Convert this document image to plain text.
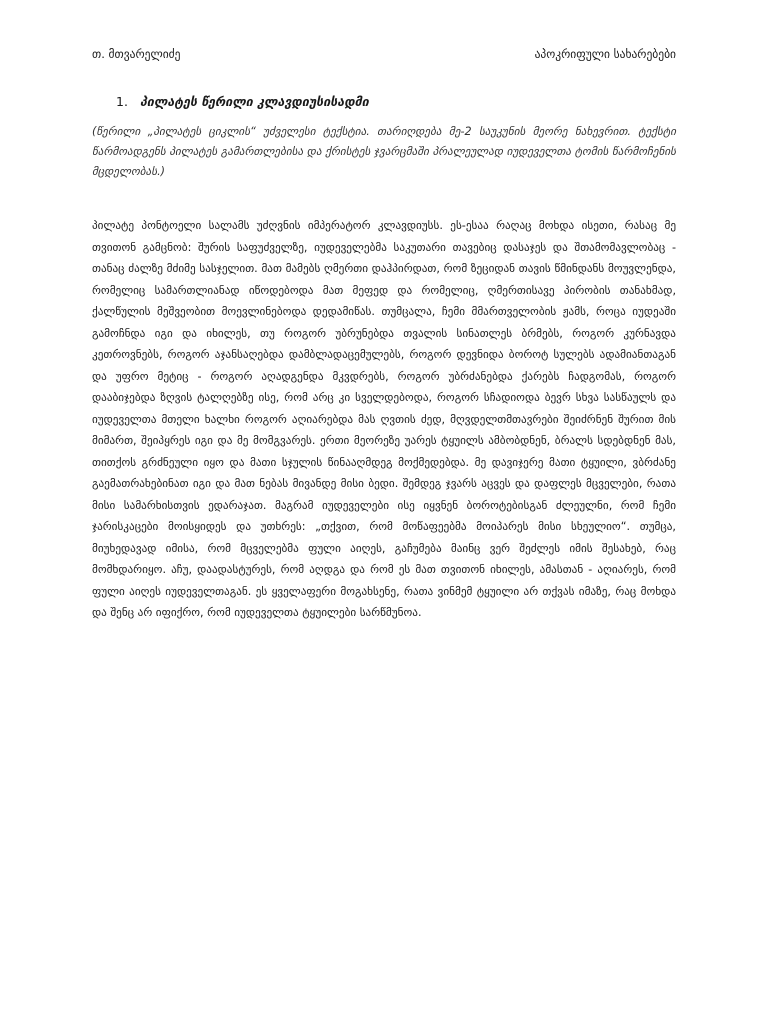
თ. მთვარელიძე	აპოკრიფული სახარებები
1. პილატეს წერილი კლავდიუსისადმი
(წერილი „პილატეს ციკლის“ უძველესი ტექსტია. თარიღდება მე-2 საუკუნის მეორე ნახევრით. ტექსტი წარმოადგენს პილატეს გამართლებისა და ქრისტეს ჯვარცმაში პრალეულად იუდეველთა ტომის წარმოჩენის მცდელობას.)
პილატე პონტოელი სალამს უძღვნის იმპერატორ კლავდიუსს. ეს-ესაა რაღაც მოხდა ისეთი, რასაც მე თვითონ გამცნობ: შურის საფუძველზე, იუდეველებმა საკუთარი თავებიც დასაჯეს და შთამომავლობაც - თანაც ძალზე მძიმე სასჯელით. მათ მამებს ღმერთი დაჰპირდათ, რომ ზეციდან თავის წმინდანს მოუვლენდა, რომელიც სამართლიანად იწოდებოდა მათ მეფედ და რომელიც, ღმერთისავე პირობის თანახმად, ქალწულის მეშვეობით მოევლინებოდა დედამიწას. თუმცალა, ჩემი მმართველობის ჟამს, როცა იუდეაში გამოჩნდა იგი და იხილეს, თუ როგორ უბრუნებდა თვალის სინათლეს ბრმებს, როგორ კურნავდა კეთროვნებს, როგორ აჯანსაღებდა დამბლადაცემულებს, როგორ დევნიდა ბოროტ სულებს ადამიანთაგან და უფრო მეტიც - როგორ აღადგენდა მკვდრებს, როგორ უბრძანებდა ქარებს ჩადგომას, როგორ დააბიჯებდა ზღვის ტალღებზე ისე, რომ არც კი სველდებოდა, როგორ სჩადიოდა ბევრ სხვა სასწაულს და იუდეველთა მთელი ხალხი როგორ აღიარებდა მას ღვთის ძედ, მღვდელთმთავრები შეიძრნენ შურით მის მიმართ, შეიპყრეს იგი და მე მომგვარეს. ერთი მეორეზე უარეს ტყუილს ამბობდნენ, ბრალს სდებდნენ მას, თითქოს გრძნეული იყო და მათი სჯულის წინააღმდეგ მოქმედებდა. მე დავიჯერე მათი ტყუილი, ვბრძანე გაემათრახებინათ იგი და მათ ნებას მივანდე მისი ბედი. შემდეგ ჯვარს აცვეს და დაფლეს მცველები, რათა მისი სამარხისთვის ედარაჯათ. მაგრამ იუდეველები ისე იყვნენ ბოროტებისგან ძლეულნი, რომ ჩემი ჯარისკაცები მოისყიდეს და უთხრეს: „თქვით, რომ მოწაფეებმა მოიპარეს მისი სხეულიო“. თუმცა, მიუხედავად იმისა, რომ მცველებმა ფული აიღეს, გაჩუმება მაინც ვერ შეძლეს იმის შესახებ, რაც მომხდარიყო. აჩუ, დაადასტურეს, რომ აღდგა და რომ ეს მათ თვითონ იხილეს, ამასთან - აღიარეს, რომ ფული აიღეს იუდეველთაგან. ეს ყველაფერი მოგახსენე, რათა ვინმემ ტყუილი არ თქვას იმაზე, რაც მოხდა და შენც არ იფიქრო, რომ იუდეველთა ტყუილები სარწმუნოა.
